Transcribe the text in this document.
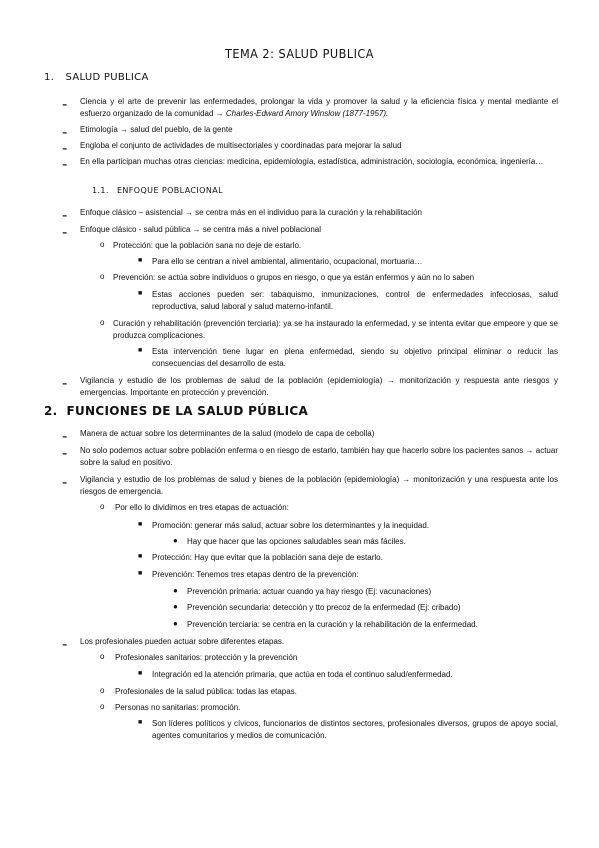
TEMA 2: SALUD PUBLICA
1. SALUD PUBLICA
- Ciencia y el arte de prevenir las enfermedades, prolongar la vida y promover la salud y la eficiencia física y mental mediante el esfuerzo organizado de la comunidad → Charles-Edward Amory Winslow (1877-1957).
- Etimología → salud del pueblo, de la gente
- Engloba el conjunto de actividades de multisectoriales y coordinadas para mejorar la salud
- En ella participan muchas otras ciencias: medicina, epidemiología, estadística, administración, sociología, económica, ingeniería…
1.1. ENFOQUE POBLACIONAL
- Enfoque clásico – asistencial → se centra más en el individuo para la curación y la rehabilitación
- Enfoque clásico - salud pública → se centra más a nivel poblacional
o Protección: que la población sana no deje de estarlo.
■ Para ello se centran a nivel ambiental, alimentario, ocupacional, mortuaria…
o Prevención: se actúa sobre individuos o grupos en riesgo, o que ya están enfermos y aún no lo saben
■ Estas acciones pueden ser: tabaquismo, inmunizaciones, control de enfermedades infecciosas, salud reproductiva, salud laboral y salud materno-infantil.
o Curación y rehabilitación (prevención terciaria): ya se ha instaurado la enfermedad, y se intenta evitar que empeore y que se produzca complicaciones.
■ Esta intervención tiene lugar en plena enfermedad, siendo su objetivo principal eliminar o reducir las consecuencias del desarrollo de esta.
- Vigilancia y estudio de los problemas de salud de la población (epidemiología) → monitorización y respuesta ante riesgos y emergencias. Importante en protección y prevención.
2. FUNCIONES DE LA SALUD PÚBLICA
- Manera de actuar sobre los determinantes de la salud (modelo de capa de cebolla)
- No solo podemos actuar sobre población enferma o en riesgo de estarlo, también hay que hacerlo sobre los pacientes sanos → actuar sobre la salud en positivo.
- Vigilancia y estudio de los problemas de salud y bienes de la población (epidemiología) → monitorización y una respuesta ante los riesgos de emergencia.
o Por ello lo dividimos en tres etapas de actuación:
■ Promoción: generar más salud, actuar sobre los determinantes y la inequidad.
● Hay que hacer que las opciones saludables sean más fáciles.
■ Protección: Hay que evitar que la población sana deje de estarlo.
■ Prevención: Tenemos tres etapas dentro de la prevención:
● Prevención primaria: actuar cuando ya hay riesgo (Ej: vacunaciones)
● Prevención secundaria: detección y tto precoz de la enfermedad (Ej: cribado)
● Prevención terciaria: se centra en la curación y la rehabilitación de la enfermedad.
- Los profesionales pueden actuar sobre diferentes etapas.
o Profesionales sanitarios: protección y la prevención
■ Integración ed la atención primaria, que actúa en toda el continuo salud/enfermedad.
o Profesionales de la salud pública: todas las etapas.
o Personas no sanitarias: promoción.
■ Son líderes políticos y cívicos, funcionarios de distintos sectores, profesionales diversos, grupos de apoyo social, agentes comunitarios y medios de comunicación.
